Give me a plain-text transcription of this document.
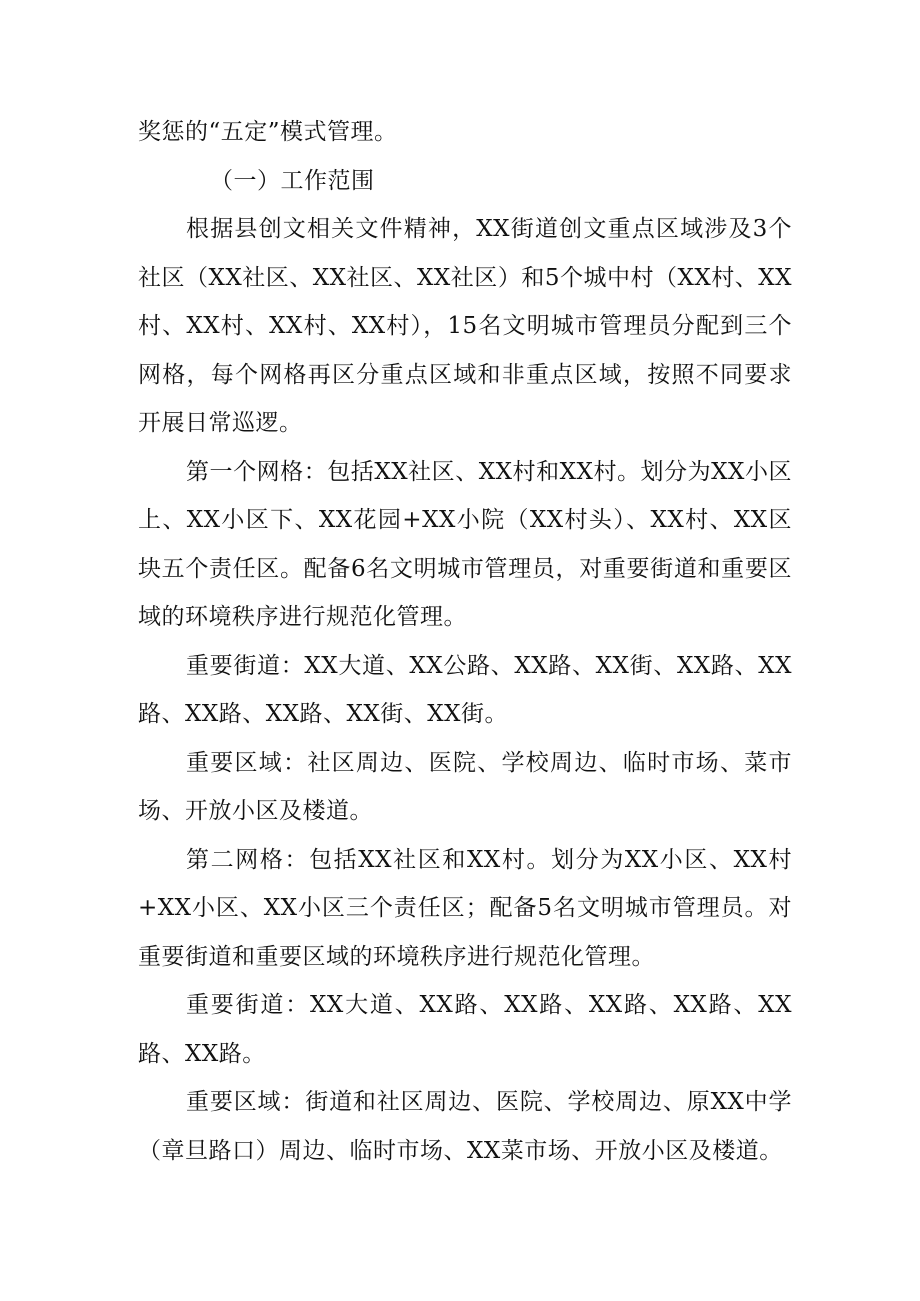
奖惩的“五定”模式管理。

（一）工作范围

根据县创文相关文件精神，XX街道创文重点区域涉及3个社区（XX社区、XX社区、XX社区）和5个城中村（XX村、XX村、XX村、XX村、XX村），15名文明城市管理员分配到三个网格，每个网格再区分重点区域和非重点区域，按照不同要求开展日常巡逻。

第一个网格：包括XX社区、XX村和XX村。划分为XX小区上、XX小区下、XX花园+XX小院（XX村头）、XX村、XX区块五个责任区。配备6名文明城市管理员，对重要街道和重要区域的环境秩序进行规范化管理。

重要街道：XX大道、XX公路、XX路、XX街、XX路、XX路、XX路、XX路、XX街、XX街。

重要区域：社区周边、医院、学校周边、临时市场、菜市场、开放小区及楼道。

第二网格：包括XX社区和XX村。划分为XX小区、XX村+XX小区、XX小区三个责任区；配备5名文明城市管理员。对重要街道和重要区域的环境秩序进行规范化管理。

重要街道：XX大道、XX路、XX路、XX路、XX路、XX路、XX路。

重要区域：街道和社区周边、医院、学校周边、原XX中学（章旦路口）周边、临时市场、XX菜市场、开放小区及楼道。
